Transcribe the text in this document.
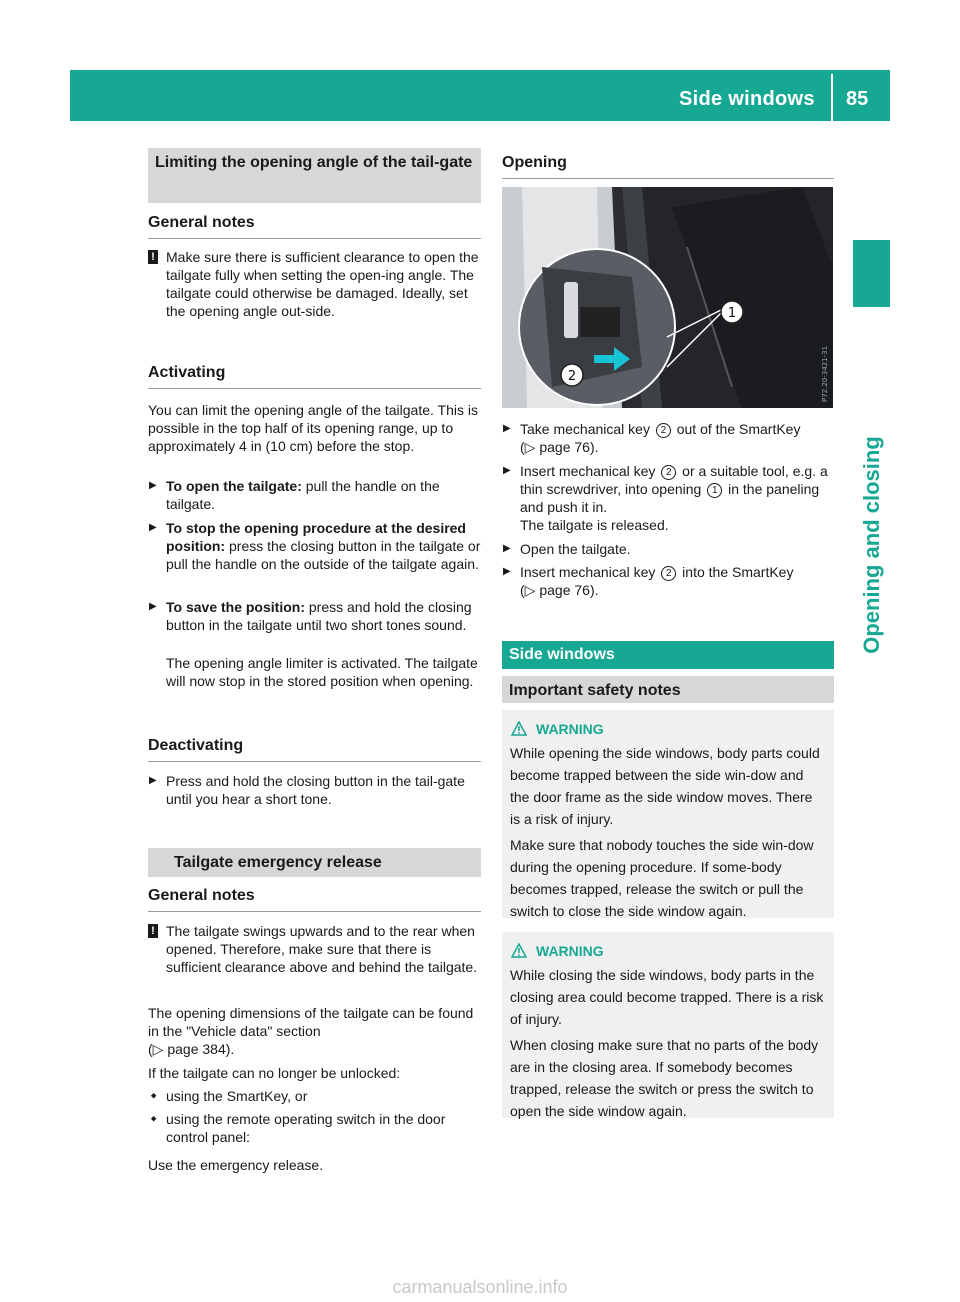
Side windows 85
Opening and closing
Limiting the opening angle of the tail-gate
General notes
! Make sure there is sufficient clearance to open the tailgate fully when setting the open-ing angle. The tailgate could otherwise be damaged. Ideally, set the opening angle out-side.
Activating
You can limit the opening angle of the tailgate. This is possible in the top half of its opening range, up to approximately 4 in (10 cm) before the stop.
▶ To open the tailgate: pull the handle on the tailgate.
▶ To stop the opening procedure at the desired position: press the closing button in the tailgate or pull the handle on the outside of the tailgate again.
▶ To save the position: press and hold the closing button in the tailgate until two short tones sound.
The opening angle limiter is activated. The tailgate will now stop in the stored position when opening.
Deactivating
▶ Press and hold the closing button in the tail-gate until you hear a short tone.
Tailgate emergency release
General notes
! The tailgate swings upwards and to the rear when opened. Therefore, make sure that there is sufficient clearance above and behind the tailgate.
The opening dimensions of the tailgate can be found in the "Vehicle data" section
(▷ page 384).
If the tailgate can no longer be unlocked:
■ using the SmartKey, or
■ using the remote operating switch in the door control panel:
Use the emergency release.
Opening
1
2	P72.20-3421-31
▶ Take mechanical key 2 out of the SmartKey
(▷ page 76).
▶ Insert mechanical key 2 or a suitable tool, e.g. a thin screwdriver, into opening 1 in the paneling and push it in.
The tailgate is released.
▶ Open the tailgate.
▶ Insert mechanical key 2 into the SmartKey
(▷ page 76).
Side windows
Important safety notes
WARNING
While opening the side windows, body parts could become trapped between the side win-dow and the door frame as the side window moves. There is a risk of injury.
Make sure that nobody touches the side win-dow during the opening procedure. If some-body becomes trapped, release the switch or pull the switch to close the side window again.
WARNING
While closing the side windows, body parts in the closing area could become trapped. There is a risk of injury.
When closing make sure that no parts of the body are in the closing area. If somebody becomes trapped, release the switch or press the switch to open the side window again.
carmanualsonline.info
